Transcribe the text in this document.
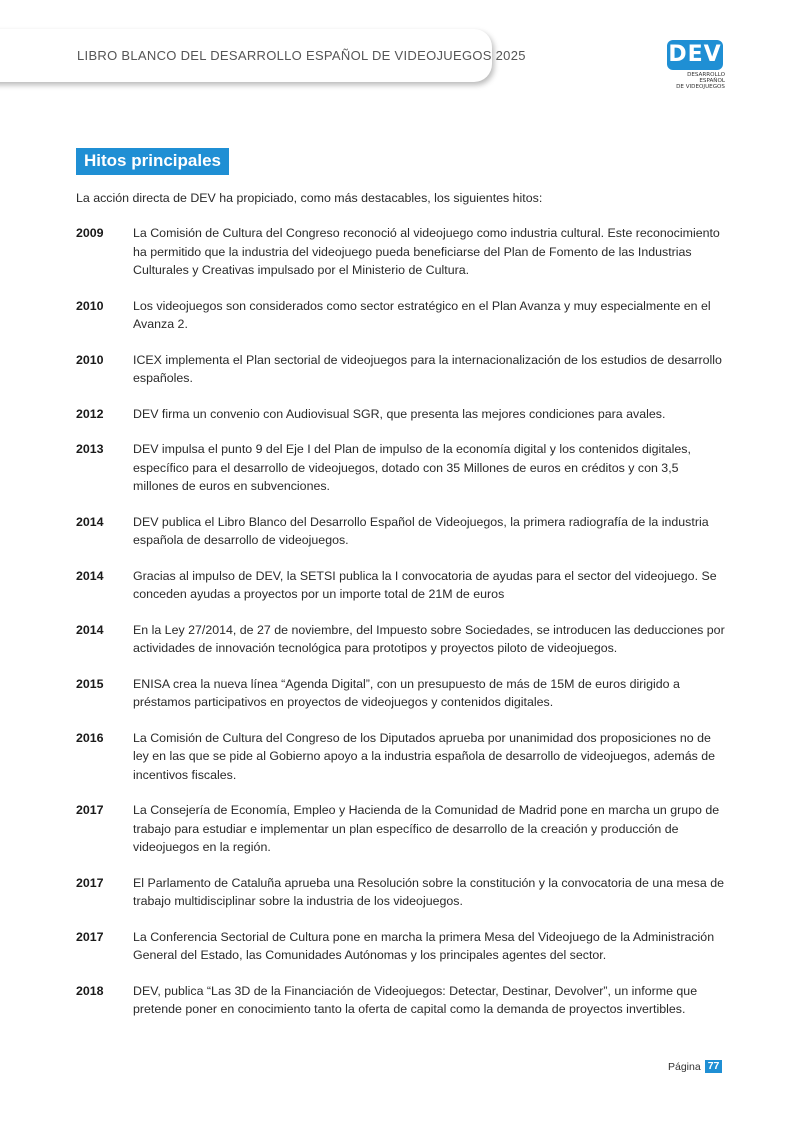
LIBRO BLANCO DEL DESARROLLO ESPAÑOL DE VIDEOJUEGOS 2025	DEV
DESARROLLO ESPAÑOL
DE VIDEOJUEGOS
Hitos principales

La acción directa de DEV ha propiciado, como más destacables, los siguientes hitos:

2009	La Comisión de Cultura del Congreso reconoció al videojuego como industria cultural. Este reconocimiento ha permitido que la industria del videojuego pueda beneficiarse del Plan de Fomento de las Industrias Culturales y Creativas impulsado por el Ministerio de Cultura.
2010	Los videojuegos son considerados como sector estratégico en el Plan Avanza y muy especialmente en el Avanza 2.
2010	ICEX implementa el Plan sectorial de videojuegos para la internacionalización de los estudios de desarrollo españoles.
2012	DEV firma un convenio con Audiovisual SGR, que presenta las mejores condiciones para avales.
2013	DEV impulsa el punto 9 del Eje I del Plan de impulso de la economía digital y los contenidos digitales, específico para el desarrollo de videojuegos, dotado con 35 Millones de euros en créditos y con 3,5 millones de euros en subvenciones.
2014	DEV publica el Libro Blanco del Desarrollo Español de Videojuegos, la primera radiografía de la industria española de desarrollo de videojuegos.
2014	Gracias al impulso de DEV, la SETSI publica la I convocatoria de ayudas para el sector del videojuego. Se conceden ayudas a proyectos por un importe total de 21M de euros
2014	En la Ley 27/2014, de 27 de noviembre, del Impuesto sobre Sociedades, se introducen las deducciones por actividades de innovación tecnológica para prototipos y proyectos piloto de videojuegos.
2015	ENISA crea la nueva línea “Agenda Digital”, con un presupuesto de más de 15M de euros dirigido a préstamos participativos en proyectos de videojuegos y contenidos digitales.
2016	La Comisión de Cultura del Congreso de los Diputados aprueba por unanimidad dos proposiciones no de ley en las que se pide al Gobierno apoyo a la industria española de desarrollo de videojuegos, además de incentivos fiscales.
2017	La Consejería de Economía, Empleo y Hacienda de la Comunidad de Madrid pone en marcha un grupo de trabajo para estudiar e implementar un plan específico de desarrollo de la creación y producción de videojuegos en la región.
2017	El Parlamento de Cataluña aprueba una Resolución sobre la constitución y la convocatoria de una mesa de trabajo multidisciplinar sobre la industria de los videojuegos.
2017	La Conferencia Sectorial de Cultura pone en marcha la primera Mesa del Videojuego de la Administración General del Estado, las Comunidades Autónomas y los principales agentes del sector.
2018	DEV, publica “Las 3D de la Financiación de Videojuegos: Detectar, Destinar, Devolver”, un informe que pretende poner en conocimiento tanto la oferta de capital como la demanda de proyectos invertibles.
Página 77
